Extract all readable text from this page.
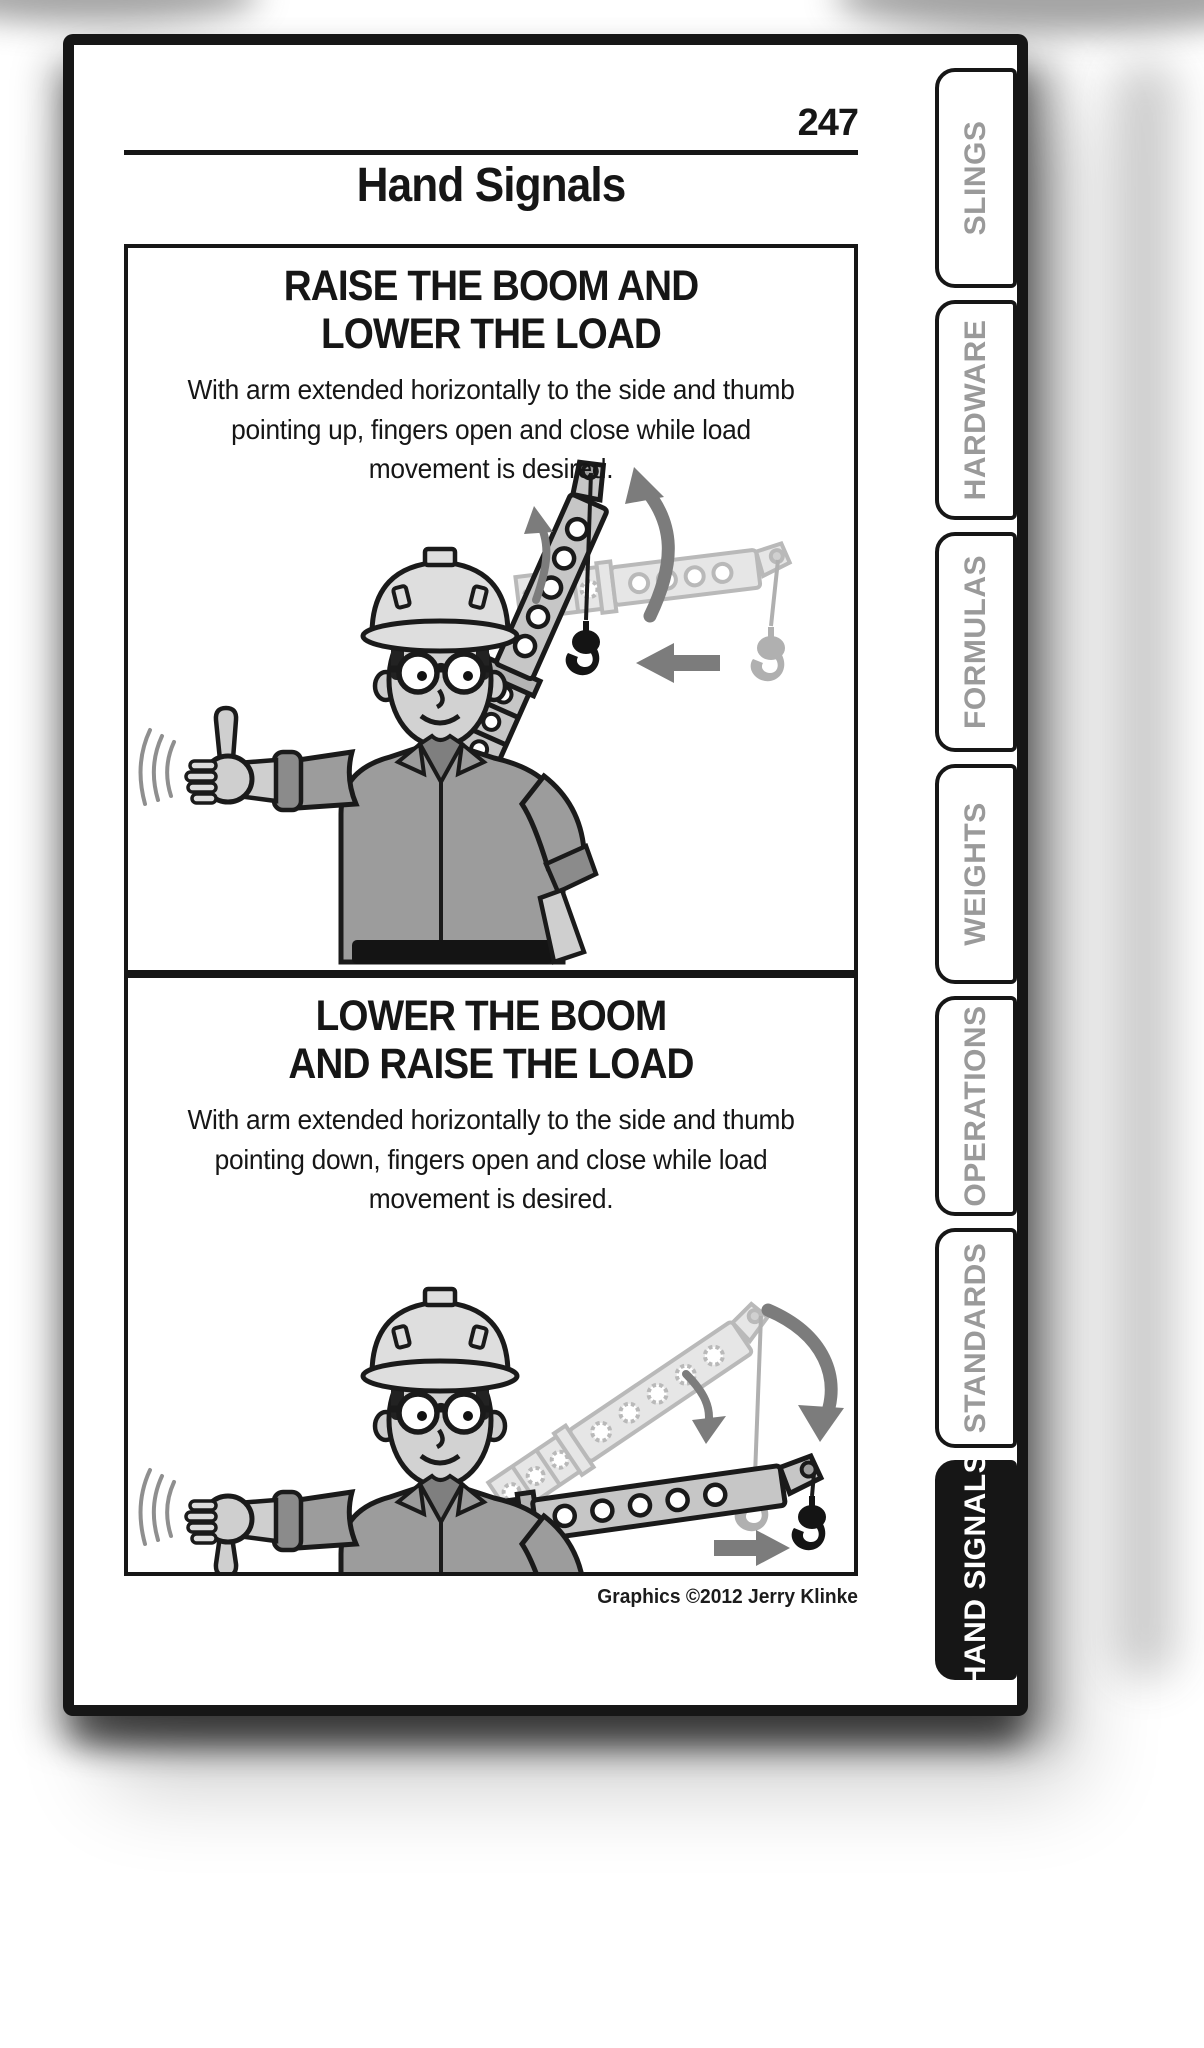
247
Hand Signals
RAISE THE BOOM AND
LOWER THE LOAD
With arm extended horizontally to the side and thumb
pointing up, fingers open and close while load
movement is desired.
LOWER THE BOOM
AND RAISE THE LOAD
With arm extended horizontally to the side and thumb
pointing down, fingers open and close while load
movement is desired.
Graphics ©2012 Jerry Klinke
SLINGS
HARDWARE
FORMULAS
WEIGHTS
OPERATIONS
STANDARDS
HAND SIGNALS
